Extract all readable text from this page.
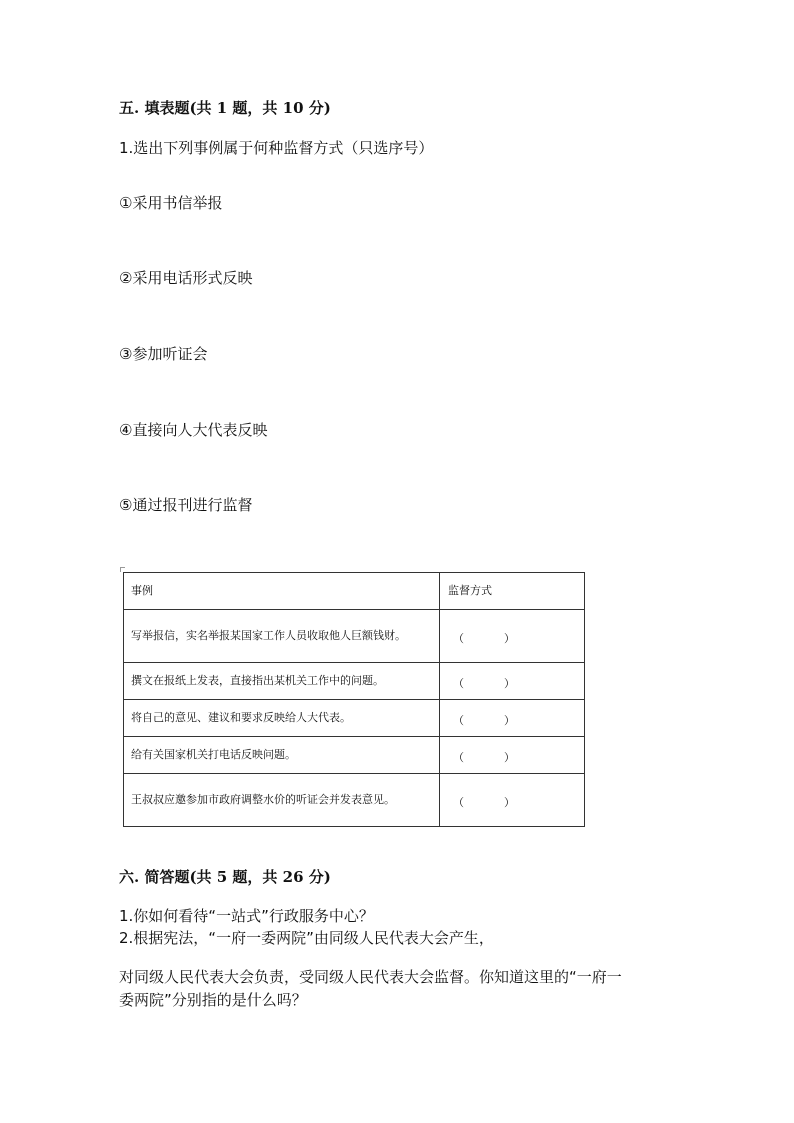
五. 填表题(共 1 题，共 10 分)
1.选出下列事例属于何种监督方式（只选序号）
①采用书信举报
②采用电话形式反映
③参加听证会
④直接向人大代表反映
⑤通过报刊进行监督
事例	监督方式
写举报信，实名举报某国家工作人员收取他人巨额钱财。	（ ）

撰文在报纸上发表，直接指出某机关工作中的问题。	（ ）

将自己的意见、建议和要求反映给人大代表。	（ ）

给有关国家机关打电话反映问题。	（ ）

王叔叔应邀参加市政府调整水价的听证会并发表意见。	（ ）
六. 简答题(共 5 题，共 26 分)
1.你如何看待“一站式”行政服务中心？
2.根据宪法，“一府一委两院”由同级人民代表大会产生，
对同级人民代表大会负责，受同级人民代表大会监督。你知道这里的“一府一
委两院”分别指的是什么吗？
